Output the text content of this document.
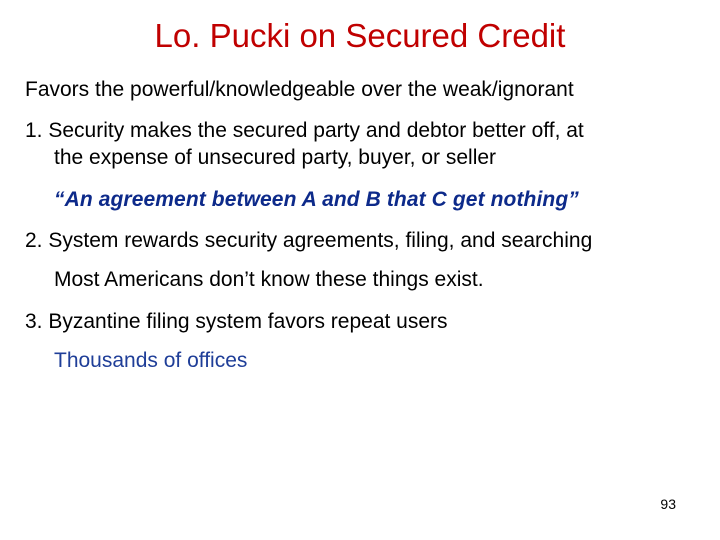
Lo. Pucki on Secured Credit
Favors the powerful/knowledgeable over the weak/ignorant
1. Security makes the secured party and debtor better off, at
the expense of unsecured party, buyer, or seller
“An agreement between A and B that C get nothing”
2. System rewards security agreements, filing, and searching
Most Americans don’t know these things exist.
3. Byzantine filing system favors repeat users
Thousands of offices
93
